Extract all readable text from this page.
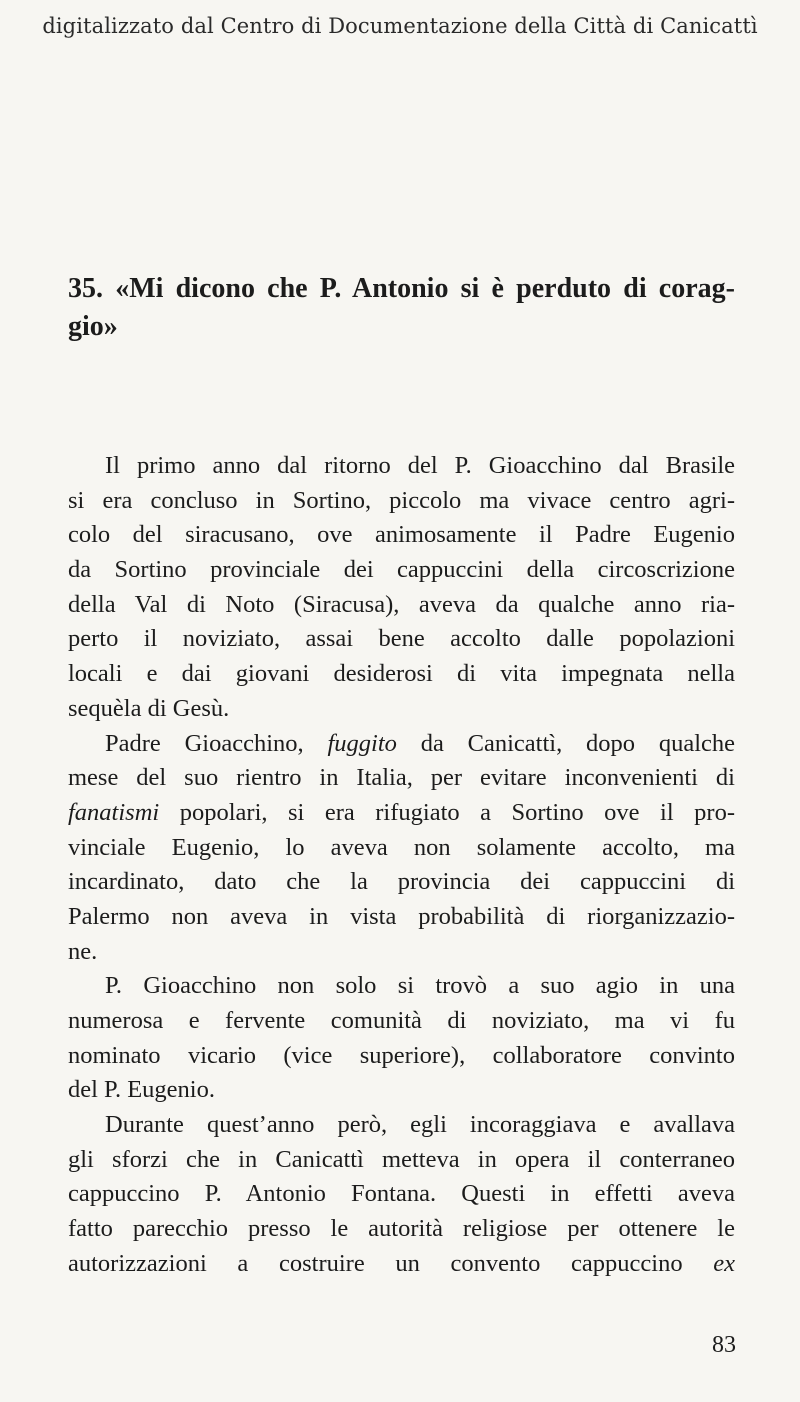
digitalizzato dal Centro di Documentazione della Città di Canicattì
35. «Mi dicono che P. Antonio si è perduto di corag-
gio»
Il primo anno dal ritorno del P. Gioacchino dal Brasile
si era concluso in Sortino, piccolo ma vivace centro agri-
colo del siracusano, ove animosamente il Padre Eugenio
da Sortino provinciale dei cappuccini della circoscrizione
della Val di Noto (Siracusa), aveva da qualche anno ria-
perto il noviziato, assai bene accolto dalle popolazioni
locali e dai giovani desiderosi di vita impegnata nella
sequèla di Gesù.
Padre Gioacchino, fuggito da Canicattì, dopo qualche
mese del suo rientro in Italia, per evitare inconvenienti di
fanatismi popolari, si era rifugiato a Sortino ove il pro-
vinciale Eugenio, lo aveva non solamente accolto, ma
incardinato, dato che la provincia dei cappuccini di
Palermo non aveva in vista probabilità di riorganizzazio-
ne.
P. Gioacchino non solo si trovò a suo agio in una
numerosa e fervente comunità di noviziato, ma vi fu
nominato vicario (vice superiore), collaboratore convinto
del P. Eugenio.
Durante quest’anno però, egli incoraggiava e avallava
gli sforzi che in Canicattì metteva in opera il conterraneo
cappuccino P. Antonio Fontana. Questi in effetti aveva
fatto parecchio presso le autorità religiose per ottenere le
autorizzazioni a costruire un convento cappuccino ex
83
